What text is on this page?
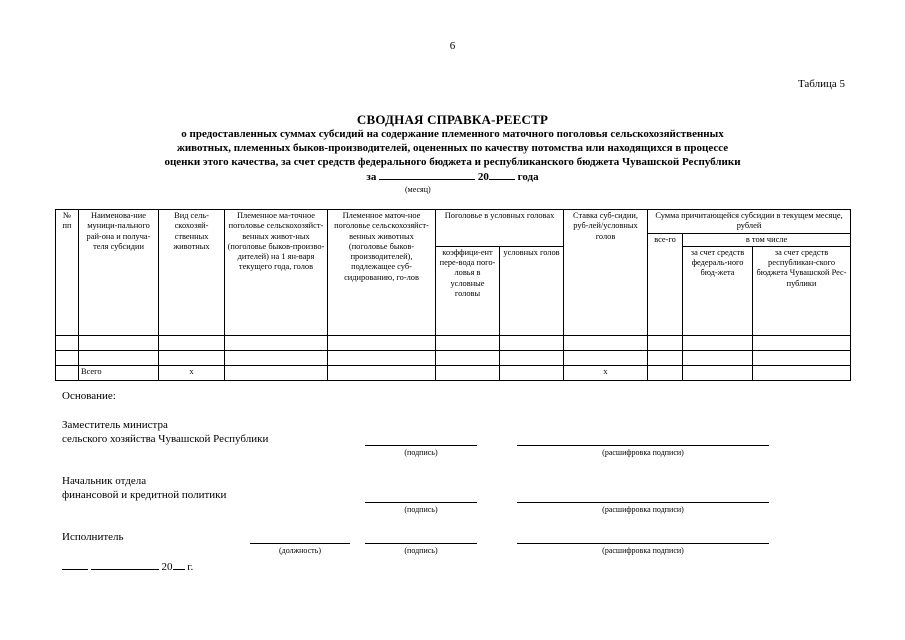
6
Таблица 5
СВОДНАЯ СПРАВКА-РЕЕСТР
о предоставленных суммах субсидий на содержание племенного маточного поголовья сельскохозяйственных
животных, племенных быков-производителей, оцененных по качеству потомства или находящихся в процессе
оценки этого качества, за счет средств федерального бюджета и республиканского бюджета Чувашской Республики
за	20	года
(месяц)
№ пп	Наименова-ние муници-пального рай-она и получа-теля субсидии	Вид сель-скохозяй-ственных животных	Племенное ма-точное поголовье сельскохозяйст-венных живот-ных (поголовье быков-произво-дителей) на 1 ян-варя текущего года, голов	Племенное маточ-ное поголовье сельскохозяйст-венных животных (поголовье быков-производителей), подлежащее суб-сидированию, го-лов	Поголовье в условных головах		Ставка суб-сидии, руб-лей/условных голов	Сумма причитающейся субсидии в текущем месяце, рублей		
								все-го	в том числе	
					коэффици-ент пере-вода пого-ловья в условные головы	условных голов			за счет средств федераль-ного бюд-жета	за счет средств республикан-ского бюджета Чувашской Рес-публики

	Всего	х					х			
Основание:
Заместитель министра
сельского хозяйства Чувашской Республики
(подпись)	(расшифровка подписи)
Начальник отдела
финансовой и кредитной политики
(подпись)	(расшифровка подписи)
Исполнитель
(должность)	(подпись)	(расшифровка подписи)
20 г.
